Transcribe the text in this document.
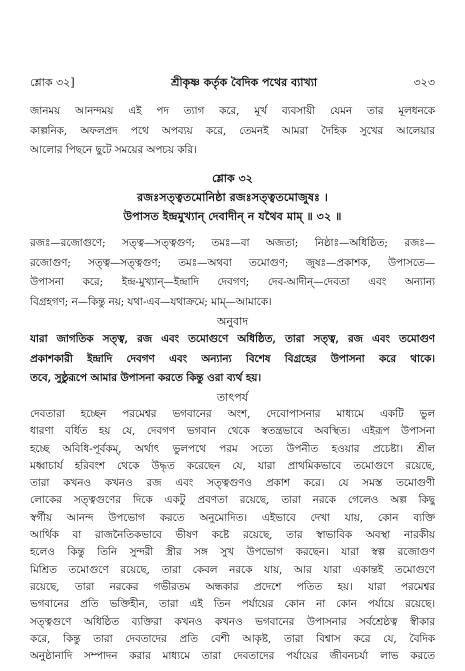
শ্লোক ৩২]	শ্রীকৃষ্ণ কর্তৃক বৈদিক পথের ব্যাখ্যা	৩২৩
জানময় আনন্দময় এই পদ ত্যাগ করে, মূর্খ ব্যবসায়ী যেমন তার মূলধনকে
কাল্পনিক, অফলপ্রদ পথে অপব্যয় করে, তেমনই আমরা দৈহিক সুখের আলেয়ার
আলোর পিছনে ছুটে সময়ের অপচয় করি।
শ্লোক ৩২
রজঃসত্ত্বতমোনিষ্ঠা রজঃসত্ত্বতমোজুষঃ ।
উপাসত ইন্দ্রমুখ্যান্ দেবাদীন্ ন যথৈব মাম্ ॥ ৩২ ॥
রজঃ—রজোগুণে; সত্ত্ব—সত্ত্বগুণ; তমঃ—বা অজতা; নিষ্ঠাঃ—অধিষ্ঠিত; রজঃ—
রজোগুণ; সত্ত্ব—সত্ত্বগুণ; তমঃ—অথবা তমোগুণ; জুষঃ—প্রকাশক, উপাসতে—
উপাসনা করে; ইন্দ্র-মুখ্যান্—ইন্দ্রাদি দেবগণ; দেব-আদীন্—দেবতা এবং অন্যান্য
বিগ্রহগণ; ন—কিন্তু নয়; যথা-এব—যথাক্রমে; মাম্—আমাকে।
অনুবাদ
যারা জাগতিক সত্ত্ব, রজ এবং তমোগুণে অধিষ্ঠিত, তারা সত্ত্ব, রজ এবং তমোগুণ
প্রকাশকারী ইন্দ্রাদি দেবগণ এবং অন্যান্য বিশেষ বিগ্রহের উপাসনা করে থাকে।
তবে, সুষ্ঠুরূপে আমার উপাসনা করতে কিন্তু ওরা ব্যর্থ হয়।
তাৎপর্য
দেবতারা হচ্ছেন পরমেশ্বর ভগবানের অংশ, দেবোপাসনার মাধ্যমে একটি ভুল
ধারণা বর্ধিত হয় যে, দেবগণ ভগবান থেকে স্বতন্ত্রভাবে অবস্থিত। এইরূপ উপাসনা
হচ্ছে অবিধি-পূর্বকম্, অর্থাৎ ভুলপথে পরম সত্যে উপনীত হওয়ার প্রচেষ্টা। শ্রীল
মধ্বাচার্য হরিবংশ থেকে উদ্ধৃত করেছেন যে, যারা প্রাথমিকভাবে তমোগুণে রয়েছে,
তারা কখনও কখনও রজ এবং সত্ত্বগুণও প্রকাশ করে। যে সমস্ত তমোগুণী
লোকের সত্ত্বগুণের দিকে একটু প্রবণতা রয়েছে, তারা নরকে গেলেও অল্প কিছু
স্বর্গীয় আনন্দ উপভোগ করতে অনুমোদিত। এইভাবে দেখা যায়, কোন ব্যক্তি
আর্থিক বা রাজনৈতিকভাবে ভীষণ কষ্টে রয়েছে, তার স্বাভাবিক অবস্থা নারকীয়
হলেও কিন্তু তিনি সুন্দরী স্ত্রীর সঙ্গ সুখ উপভোগ করছেন। যারা স্বল্প রজোগুণ
মিশ্রিত তমোগুণে রয়েছে, তারা কেবল নরকে যায়, আর যারা একান্তই তমোগুণে
রয়েছে, তারা নরকের গভীরতম অন্ধকার প্রদেশে পতিত হয়। যারা পরমেশ্বর
ভগবানের প্রতি ভক্তিহীন, তারা এই তিন পর্যায়ের কোন না কোন পর্যায়ে রয়েছে।
সত্ত্বগুণে অধিষ্ঠিত ব্যক্তিরা কখনও কখনও ভগবানের উপাসনার সর্বশ্রেষ্ঠত্ব স্বীকার
করে, কিন্তু তারা দেবতাদের প্রতি বেশী আকৃষ্ট, তারা বিশ্বাস করে যে, বৈদিক
অনুষ্ঠানাদি সম্পাদন করার মাধ্যমে তারা দেবতাদের পর্যায়ের জীবনচর্যা লাভ করতে
